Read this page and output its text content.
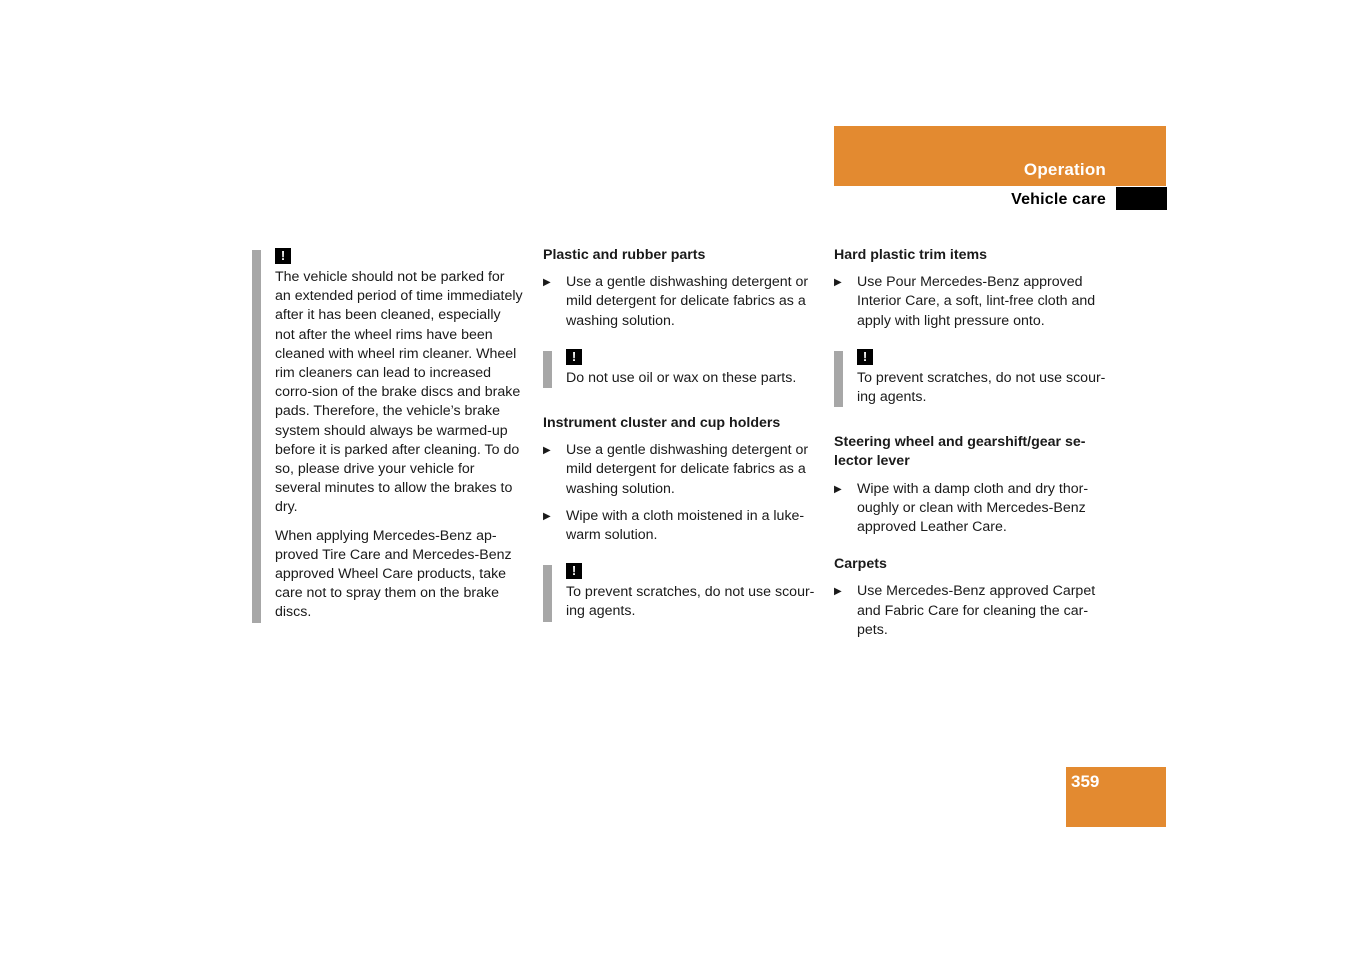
Operation
Vehicle care
!

The vehicle should not be parked for an extended period of time immediately after it has been cleaned, especially not after the wheel rims have been cleaned with wheel rim cleaner. Wheel rim cleaners can lead to increased corro-sion of the brake discs and brake pads. Therefore, the vehicle’s brake system should always be warmed-up before it is parked after cleaning. To do so, please drive your vehicle for several minutes to allow the brakes to dry.

When applying Mercedes-Benz ap-proved Tire Care and Mercedes-Benz approved Wheel Care products, take care not to spray them on the brake discs.

Plastic and rubber parts
▶ Use a gentle dishwashing detergent or mild detergent for delicate fabrics as a washing solution.
!

Do not use oil or wax on these parts.

Instrument cluster and cup holders
▶ Use a gentle dishwashing detergent or mild detergent for delicate fabrics as a washing solution.
▶ Wipe with a cloth moistened in a luke-warm solution.
!

To prevent scratches, do not use scour-ing agents.

Hard plastic trim items
▶ Use Pour Mercedes-Benz approved Interior Care, a soft, lint-free cloth and apply with light pressure onto.
!

To prevent scratches, do not use scour-ing agents.

Steering wheel and gearshift/gear se-lector lever
▶ Wipe with a damp cloth and dry thor-oughly or clean with Mercedes-Benz approved Leather Care.
Carpets
▶ Use Mercedes-Benz approved Carpet and Fabric Care for cleaning the car-pets.
359
